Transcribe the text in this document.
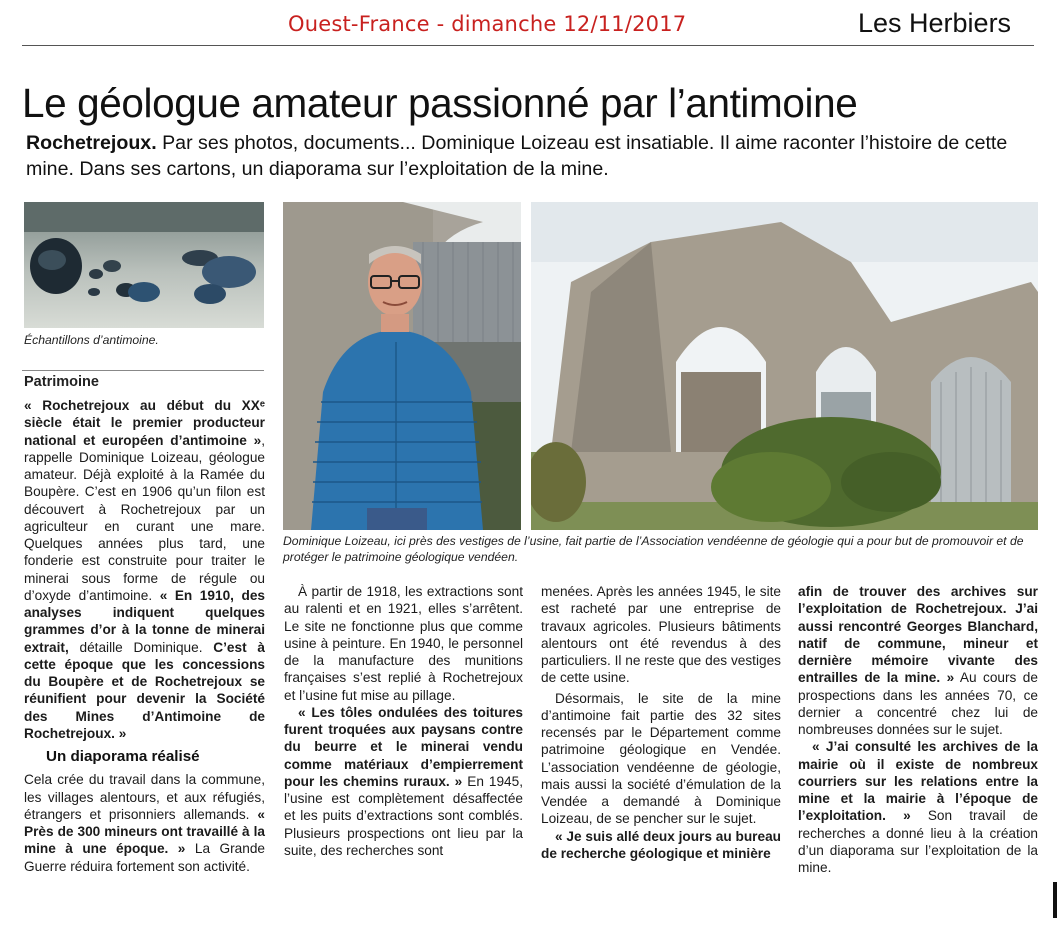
Ouest-France - dimanche 12/11/2017	Les Herbiers
Le géologue amateur passionné par l’antimoine
Rochetrejoux. Par ses photos, documents... Dominique Loizeau est insatiable. Il aime raconter l’histoire de cette mine. Dans ses cartons, un diaporama sur l’exploitation de la mine.
Échantillons d’antimoine.
Dominique Loizeau, ici près des vestiges de l’usine, fait partie de l’Association vendéenne de géologie qui a pour but de promouvoir et de protéger le patrimoine géologique vendéen.
Patrimoine

« Rochetrejoux au début du XXᵉ siècle était le premier producteur national et européen d’antimoine », rappelle Dominique Loizeau, géologue amateur. Déjà exploité à la Ramée du Boupère. C’est en 1906 qu’un filon est découvert à Rochetrejoux par un agriculteur en curant une mare. Quelques années plus tard, une fonderie est construite pour traiter le minerai sous forme de régule ou d’oxyde d’antimoine. « En 1910, des analyses indiquent quelques grammes d’or à la tonne de minerai extrait, détaille Dominique. C’est à cette époque que les concessions du Boupère et de Rochetrejoux se réunifient pour devenir la Société des Mines d’Antimoine de Rochetrejoux. »

Un diaporama réalisé

Cela crée du travail dans la commune, les villages alentours, et aux réfugiés, étrangers et prisonniers allemands. « Près de 300 mineurs ont travaillé à la mine à une époque. » La Grande Guerre réduira fortement son activité.

À partir de 1918, les extractions sont au ralenti et en 1921, elles s’arrêtent. Le site ne fonctionne plus que comme usine à peinture. En 1940, le personnel de la manufacture des munitions françaises s’est replié à Rochetrejoux et l’usine fut mise au pillage.

« Les tôles ondulées des toitures furent troquées aux paysans contre du beurre et le minerai vendu comme matériaux d’empierrement pour les chemins ruraux. » En 1945, l’usine est complètement désaffectée et les puits d’extractions sont comblés. Plusieurs prospections ont lieu par la suite, des recherches sont

menées. Après les années 1945, le site est racheté par une entreprise de travaux agricoles. Plusieurs bâtiments alentours ont été revendus à des particuliers. Il ne reste que des vestiges de cette usine.

Désormais, le site de la mine d’antimoine fait partie des 32 sites recensés par le Département comme patrimoine géologique en Vendée. L’association vendéenne de géologie, mais aussi la société d’émulation de la Vendée a demandé à Dominique Loizeau, de se pencher sur le sujet.

« Je suis allé deux jours au bureau de recherche géologique et minière

afin de trouver des archives sur l’exploitation de Rochetrejoux. J’ai aussi rencontré Georges Blanchard, natif de commune, mineur et dernière mémoire vivante des entrailles de la mine. » Au cours de prospections dans les années 70, ce dernier a concentré chez lui de nombreuses données sur le sujet.

« J’ai consulté les archives de la mairie où il existe de nombreux courriers sur les relations entre la mine et la mairie à l’époque de l’exploitation. » Son travail de recherches a donné lieu à la création d’un diaporama sur l’exploitation de la mine.
